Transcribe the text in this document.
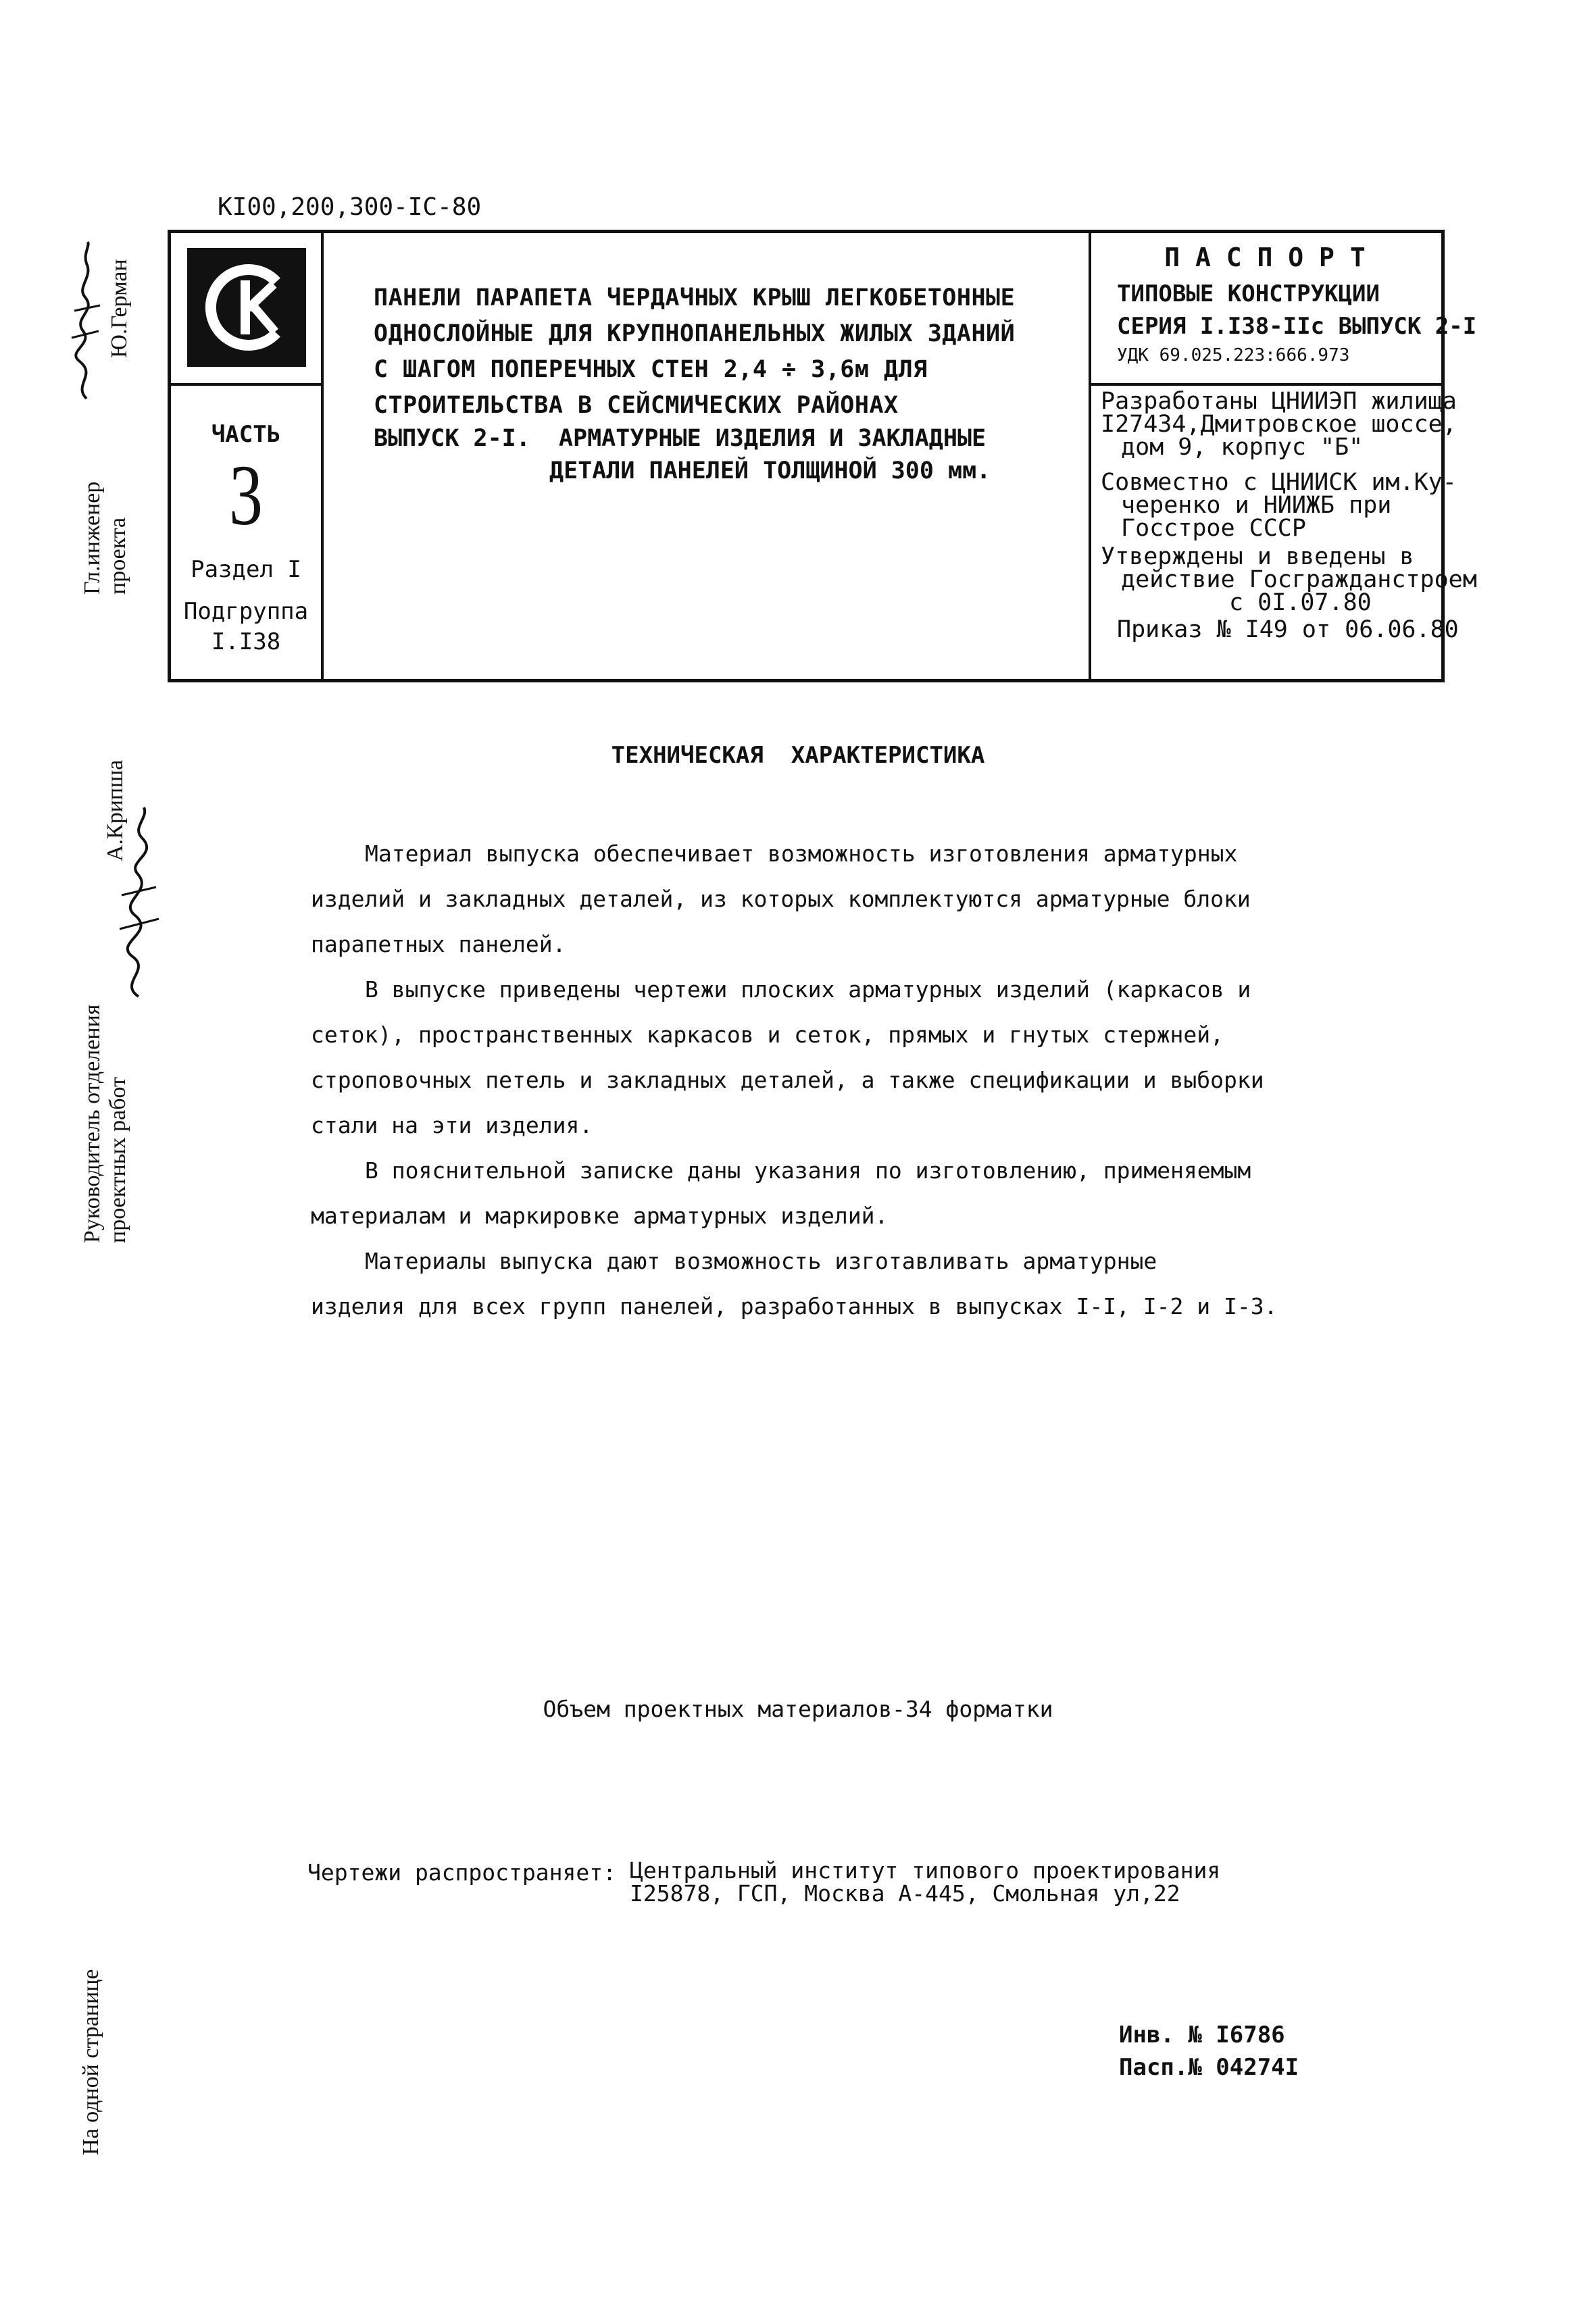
KI00,200,300-IC-80
Ю.Герман
Гл.инженер
проекта
А.Крипша
Руководитель отделения
проектных работ
На одной странице
ЧАСТЬ
3
Раздел I
Подгруппа
I.I38
ПАНЕЛИ ПАРАПЕТА ЧЕРДАЧНЫХ КРЫШ ЛЕГКОБЕТОННЫЕ
ОДНОСЛОЙНЫЕ ДЛЯ КРУПНОПАНЕЛЬНЫХ ЖИЛЫХ ЗДАНИЙ
С ШАГОМ ПОПЕРЕЧНЫХ СТЕН 2,4 ÷ 3,6м ДЛЯ
СТРОИТЕЛЬСТВА В СЕЙСМИЧЕСКИХ РАЙОНАХ
ВЫПУСК 2-I.  АРМАТУРНЫЕ ИЗДЕЛИЯ И ЗАКЛАДНЫЕ
ДЕТАЛИ ПАНЕЛЕЙ ТОЛЩИНОЙ 300 мм.
П А С П О Р Т
ТИПОВЫЕ КОНСТРУКЦИИ
СЕРИЯ I.I38-IIс ВЫПУСК 2-I
УДК 69.025.223:666.973
Разработаны ЦНИИЭП жилища
I27434,Дмитровское шоссе,
дом 9, корпус "Б"
Совместно с ЦНИИСК им.Ку-
черенко и НИИЖБ при
Госстрое СССР
Утверждены и введены в
действие Госгражданстроем
с 0I.07.80
Приказ № I49 от 06.06.80
ТЕХНИЧЕСКАЯ  ХАРАКТЕРИСТИКА
Материал выпуска обеспечивает возможность изготовления арматурных
изделий и закладных деталей, из которых комплектуются арматурные блоки
парапетных панелей.
В выпуске приведены чертежи плоских арматурных изделий (каркасов и
сеток), пространственных каркасов и сеток, прямых и гнутых стержней,
строповочных петель и закладных деталей, а также спецификации и выборки
стали на эти изделия.
В пояснительной записке даны указания по изготовлению, применяемым
материалам и маркировке арматурных изделий.
Материалы выпуска дают возможность изготавливать арматурные
изделия для всех групп панелей, разработанных в выпусках I-I, I-2 и I-3.
Объем проектных материалов-34 форматки
Чертежи распространяет: Центральный институт типового проектирования
I25878, ГСП, Москва А-445, Смольная ул,22
Инв. № I6786
Пасп.№ 04274I
